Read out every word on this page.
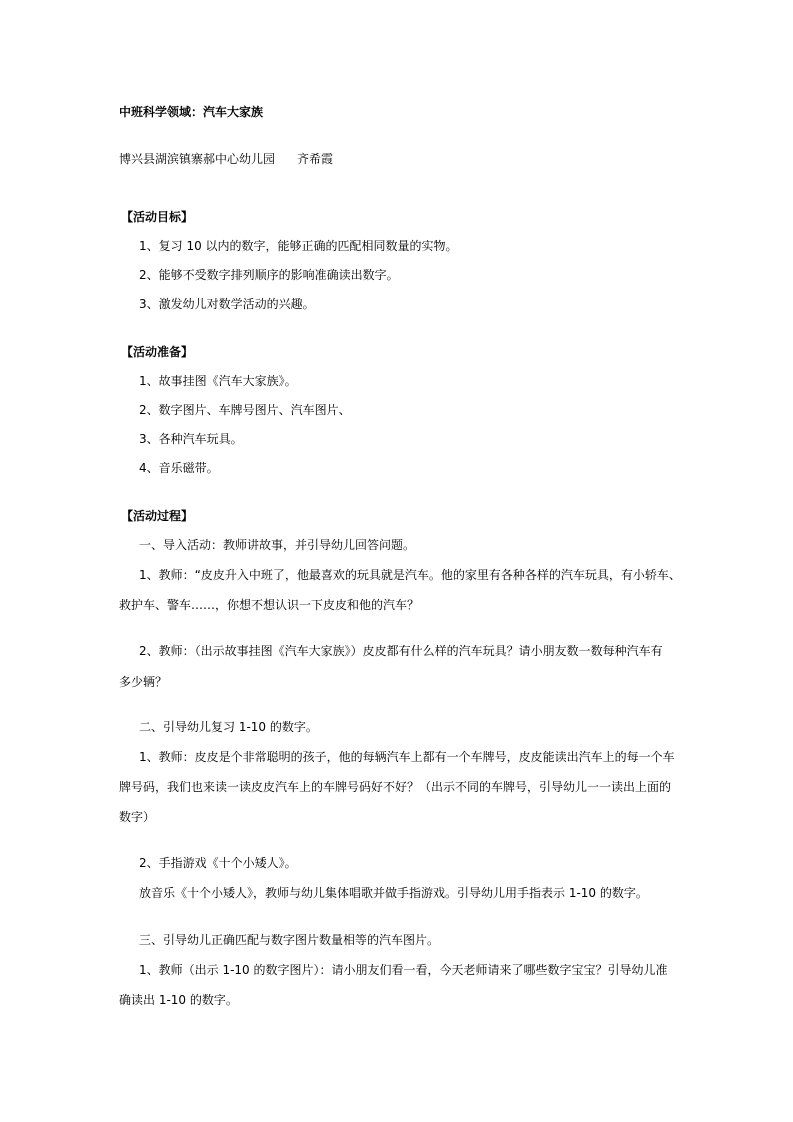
中班科学领域：汽车大家族
博兴县湖滨镇寨郝中心幼儿园 齐希霞
【活动目标】
1、复习 10 以内的数字，能够正确的匹配相同数量的实物。
2、能够不受数字排列顺序的影响准确读出数字。
3、激发幼儿对数学活动的兴趣。
【活动准备】
1、故事挂图《汽车大家族》。
2、数字图片、车牌号图片、汽车图片、
3、各种汽车玩具。
4、音乐磁带。
【活动过程】
一、导入活动：教师讲故事，并引导幼儿回答问题。
1、教师：“皮皮升入中班了，他最喜欢的玩具就是汽车。他的家里有各种各样的汽车玩具，有小轿车、
救护车、警车……，你想不想认识一下皮皮和他的汽车？
2、教师：（出示故事挂图《汽车大家族》）皮皮都有什么样的汽车玩具？请小朋友数一数每种汽车有
多少辆？
二、引导幼儿复习 1-10 的数字。
1、教师：皮皮是个非常聪明的孩子，他的每辆汽车上都有一个车牌号，皮皮能读出汽车上的每一个车
牌号码，我们也来读一读皮皮汽车上的车牌号码好不好？（出示不同的车牌号，引导幼儿一一读出上面的
数字）
2、手指游戏《十个小矮人》。
放音乐《十个小矮人》，教师与幼儿集体唱歌并做手指游戏。引导幼儿用手指表示 1-10 的数字。
三、引导幼儿正确匹配与数字图片数量相等的汽车图片。
1、教师（出示 1-10 的数字图片）：请小朋友们看一看，今天老师请来了哪些数字宝宝？引导幼儿准
确读出 1-10 的数字。
